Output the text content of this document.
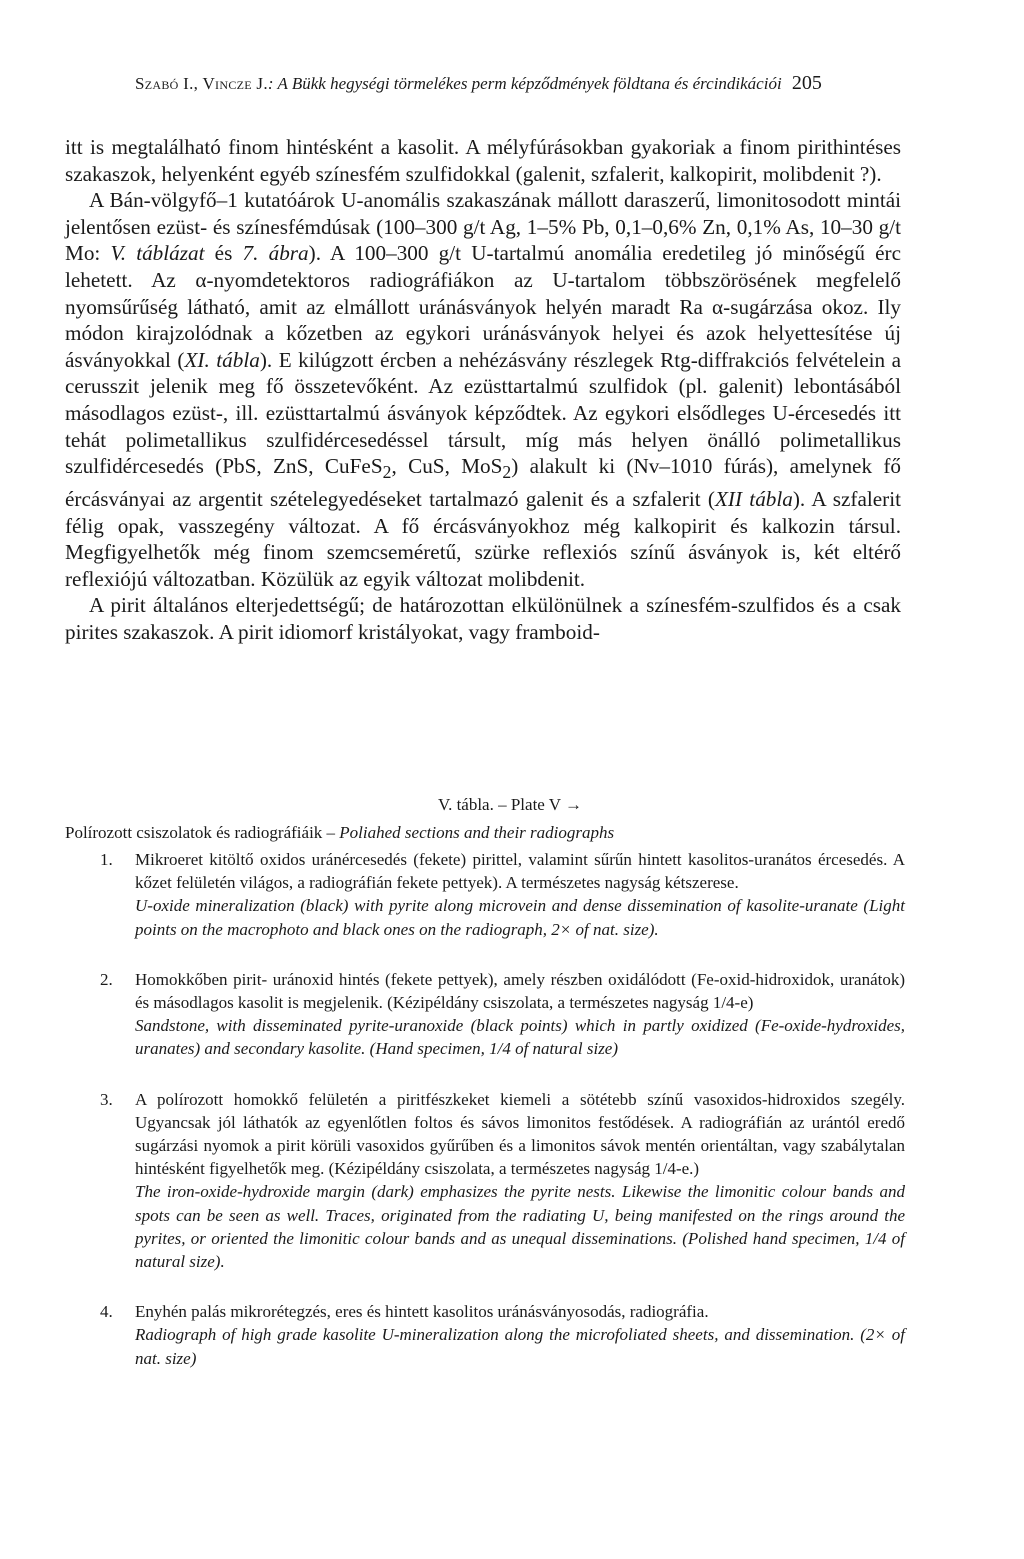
Szabó I., Vincze J.: A Bükk hegységi törmelékes perm képződmények földtana és ércindikációi 205

itt is megtalálható finom hintésként a kasolit. A mélyfúrásokban gyakoriak a finom pirithintéses szakaszok, helyenként egyéb színesfém szulfidokkal (galenit, szfalerit, kalkopirit, molibdenit ?).

A Bán-völgyfő–1 kutatóárok U-anomális szakaszának mállott daraszerű, limonitosodott mintái jelentősen ezüst- és színesfémdúsak (100–300 g/t Ag, 1–5% Pb, 0,1–0,6% Zn, 0,1% As, 10–30 g/t Mo: V. táblázat és 7. ábra). A 100–300 g/t U-tartalmú anomália eredetileg jó minőségű érc lehetett. Az α-nyomdetektoros radiográfiákon az U-tartalom többszörösének megfelelő nyomsűrűség látható, amit az elmállott uránásványok helyén maradt Ra α-sugárzása okoz. Ily módon kirajzolódnak a kőzetben az egykori uránásványok helyei és azok helyettesítése új ásványokkal (XI. tábla). E kilúgzott ércben a nehézásvány részlegek Rtg-diffrakciós felvételein a cerusszit jelenik meg fő összetevőként. Az ezüsttartalmú szulfidok (pl. galenit) lebontásából másodlagos ezüst-, ill. ezüsttartalmú ásványok képződtek. Az egykori elsődleges U-ércesedés itt tehát polimetallikus szulfidércesedéssel társult, míg más helyen önálló polimetallikus szulfidércesedés (PbS, ZnS, CuFeS$_2$, CuS, MoS$_2$) alakult ki (Nv–1010 fúrás), amelynek fő ércásványai az argentit szételegyedéseket tartalmazó galenit és a szfalerit (XII tábla). A szfalerit félig opak, vasszegény változat. A fő ércásványokhoz még kalkopirit és kalkozin társul. Megfigyelhetők még finom szemcseméretű, szürke reflexiós színű ásványok is, két eltérő reflexiójú változatban. Közülük az egyik változat molibdenit.

A pirit általános elterjedettségű; de határozottan elkülönülnek a színesfém-szulfidos és a csak pirites szakaszok. A pirit idiomorf kristályokat, vagy framboid-

V. tábla. – Plate V →
Polírozott csiszolatok és radiográfiáik – Poliahed sections and their radiographs
1. Mikroeret kitöltő oxidos uránércesedés (fekete) pirittel, valamint sűrűn hintett kasolitos-uranátos ércesedés. A kőzet felületén világos, a radiográfián fekete pettyek). A természetes nagyság kétszerese.
U-oxide mineralization (black) with pyrite along microvein and dense dissemination of kasolite-uranate (Light points on the macrophoto and black ones on the radiograph, 2× of nat. size).
2. Homokkőben pirit- uránoxid hintés (fekete pettyek), amely részben oxidálódott (Fe-oxid-hidroxidok, uranátok) és másodlagos kasolit is megjelenik. (Kézipéldány csiszolata, a természetes nagyság 1/4-e)
Sandstone, with disseminated pyrite-uranoxide (black points) which in partly oxidized (Fe-oxide-hydroxides, uranates) and secondary kasolite. (Hand specimen, 1/4 of natural size)
3. A polírozott homokkő felületén a piritfészkeket kiemeli a sötétebb színű vasoxidos-hidroxidos szegély. Ugyancsak jól láthatók az egyenlőtlen foltos és sávos limonitos festődések. A radiográfián az urántól eredő sugárzási nyomok a pirit körüli vasoxidos gyűrűben és a limonitos sávok mentén orientáltan, vagy szabálytalan hintésként figyelhetők meg. (Kézipéldány csiszolata, a természetes nagyság 1/4-e.)
The iron-oxide-hydroxide margin (dark) emphasizes the pyrite nests. Likewise the limonitic colour bands and spots can be seen as well. Traces, originated from the radiating U, being manifested on the rings around the pyrites, or oriented the limonitic colour bands and as unequal disseminations. (Polished hand specimen, 1/4 of natural size).
4. Enyhén palás mikrorétegzés, eres és hintett kasolitos uránásványosodás, radiográfia.
Radiograph of high grade kasolite U-mineralization along the microfoliated sheets, and dissemination. (2× of nat. size)
